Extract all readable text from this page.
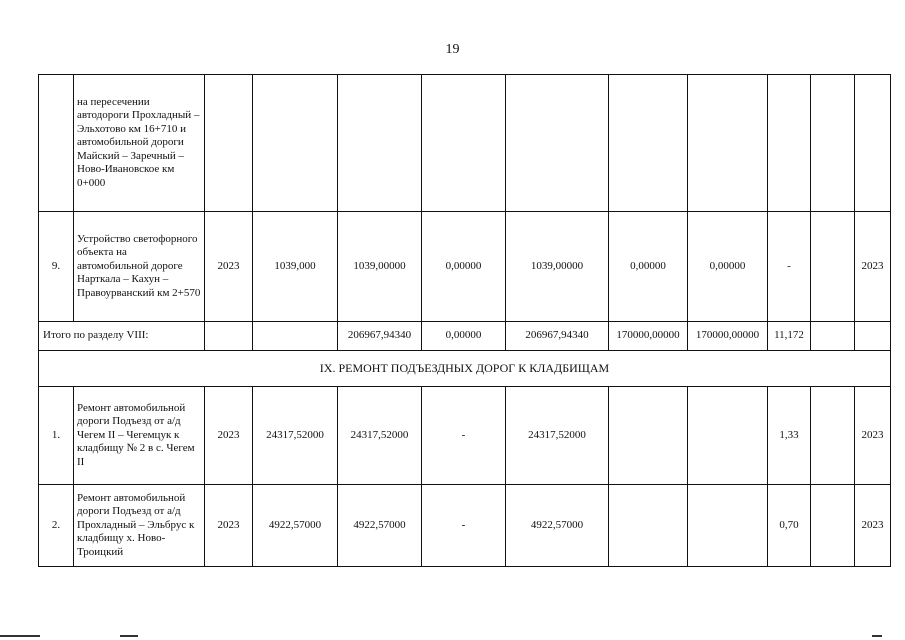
19
	на пересечении автодороги Прохладный – Эльхотово км 16+710 и автомобильной дороги Майский – Заречный – Ново-Ивановское км 0+000										
9.	Устройство светофорного объекта на автомобильной дороге Нарткала – Кахун – Правоурванский км 2+570	2023	1039,000	1039,00000	0,00000	1039,00000	0,00000	0,00000	-		2023
Итого по разделу VIII:				206967,94340	0,00000	206967,94340	170000,00000	170000,00000	11,172		
IX. РЕМОНТ ПОДЪЕЗДНЫХ ДОРОГ К КЛАДБИЩАМ											
1.	Ремонт автомобильной дороги Подъезд от а/д Чегем II – Чегемцук к кладбищу № 2 в с. Чегем II	2023	24317,52000	24317,52000	-	24317,52000			1,33		2023
2.	Ремонт автомобильной дороги Подъезд от а/д Прохладный – Эльбрус к кладбищу х. Ново-Троицкий	2023	4922,57000	4922,57000	-	4922,57000			0,70		2023
